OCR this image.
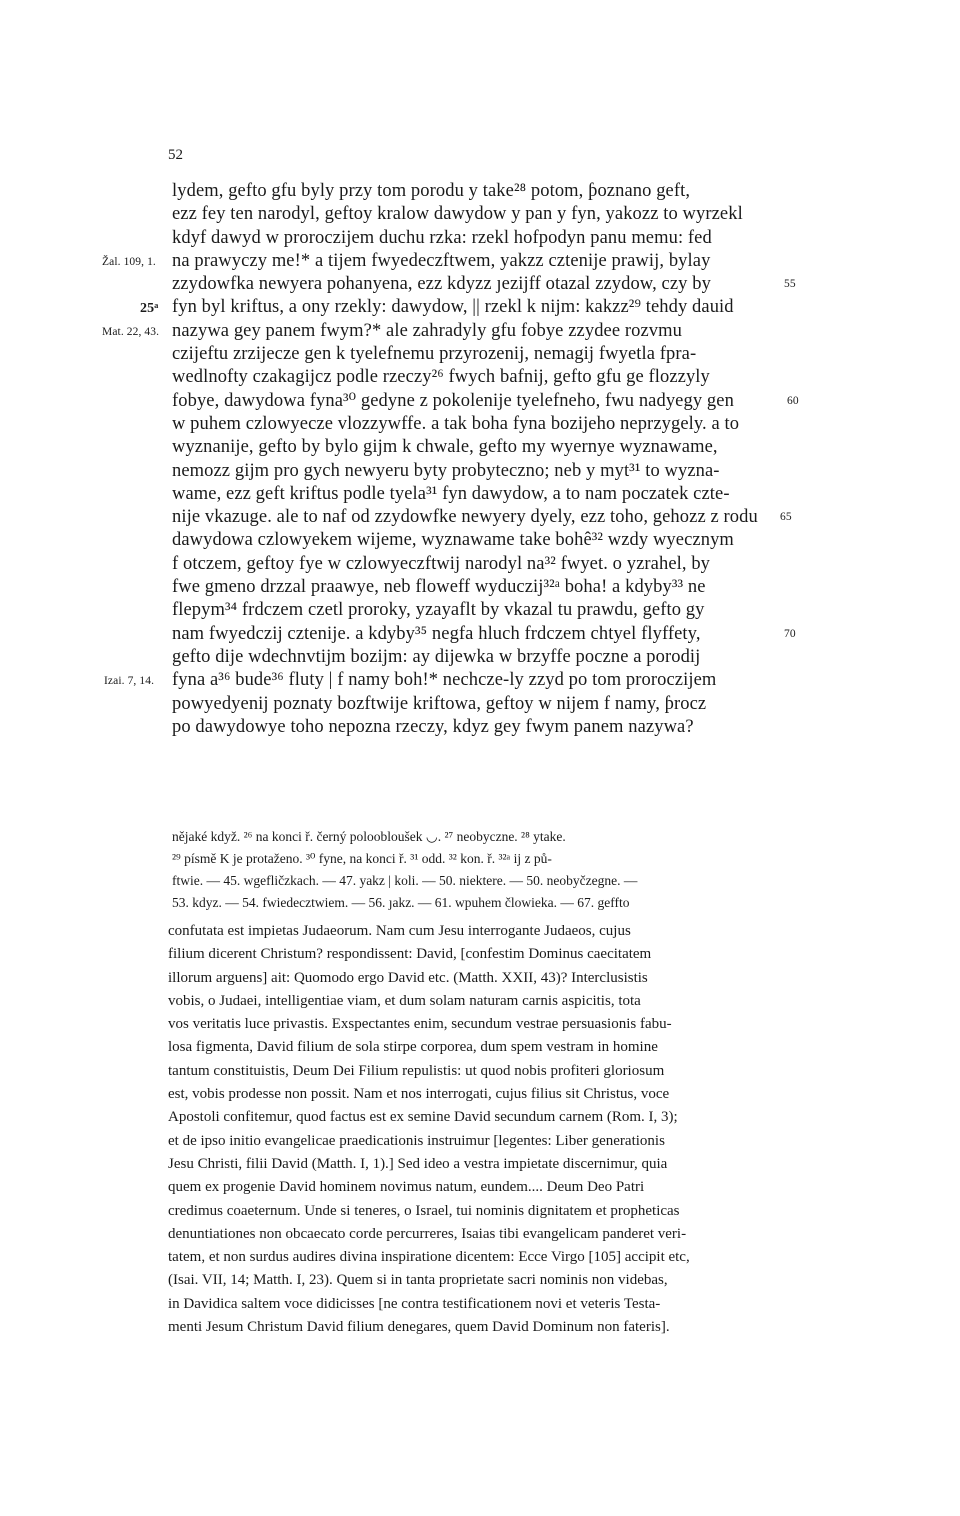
52
lydem, gefto gfu byly przy tom porodu y take²⁸ potom, ƥoznano geft,
ezz fey ten narodyl, geftoy kralow dawydow y pan y fyn, yakozz to wyrzekl
kdyf dawyd w proroczijem duchu rzka: rzekl hofpodyn panu memu: fed
Žal. 109, 1. na prawyczy me!* a tijem fwyedeczftwem, yakzz cztenije prawij, bylay
zzydowfka newyera pohanyena, ezz kdyzz ȷezijff otazal zzydow, czy by	55
25ᵃ fyn byl kriftus, a ony rzekly: dawydow, || rzekl k nijm: kakzz²⁹ tehdy dauid
Mat. 22, 43. nazywa gey panem fwym?* ale zahradyly gfu fobye zzydee rozvmu
czijeftu zrzijecze gen k tyelefnemu przyrozenij, nemagij fwyetla fpra-
wedlnofty czakagijcz podle rzeczy²⁶ fwych bafnij, gefto gfu ge flozzyly
fobye, dawydowa fyna³⁰ gedyne z pokolenije tyelefneho, fwu nadyegy gen	60
w puhem czlowyecze vlozzywffe. a tak boha fyna bozijeho neprzygely. a to
wyznanije, gefto by bylo gijm k chwale, gefto my wyernye wyznawame,
nemozz gijm pro gych newyeru byty probyteczno; neb y myt³¹ to wyzna-
wame, ezz geft kriftus podle tyela³¹ fyn dawydow, a to nam poczatek czte-
nije vkazuge. ale to naf od zzydowfke newyery dyely, ezz toho, gehozz z rodu 65
dawydowa czlowyekem wijeme, wyznawame take bohê³² wzdy wyecznym
f otczem, geftoy fye w czlowyeczftwij narodyl na³² fwyet. o yzrahel, by
fwe gmeno drzzal praawye, neb floweff wyduczij³²ᵃ boha! a kdyby³³ ne
flepym³⁴ frdczem czetl proroky, yzayaflt by vkazal tu prawdu, gefto gy
nam fwyedczij cztenije. a kdyby³⁵ negfa hluch frdczem chtyel flyffety,	70
gefto dije wdechnvtijm bozijm: ay dijewka w brzyffe poczne a porodij
Izai. 7, 14. fyna a³⁶ bude³⁶ fluty | f namy boh!* nechcze-ly zzyd po tom proroczijem
powyedyenij poznaty bozftwije kriftowa, geftoy w nijem f namy, ƥrocz
po dawydowye toho nepozna rzeczy, kdyz gey fwym panem nazywa?
nějaké když. ²⁶ na konci ř. černý poloobloušek ◡. ²⁷ neobyczne. ²⁸ ytake.
²⁹ písmě K je protaženo. ³⁰ fyne, na konci ř. ³¹ odd. ³² kon. ř. ³²ᵃ ij z pů-
ftwie. — 45. wgefličzkach. — 47. yakz | koli. — 50. niektere. — 50. neobyčzegne. —
53. kdyz. — 54. fwiedecztwiem. — 56. ȷakz. — 61. wpuhem člowieka. — 67. geffto
confutata est impietas Judaeorum. Nam cum Jesu interrogante Judaeos, cujus
filium dicerent Christum? respondissent: David, [confestim Dominus caecitatem
illorum arguens] ait: Quomodo ergo David etc. (Matth. XXII, 43)? Interclusistis
vobis, o Judaei, intelligentiae viam, et dum solam naturam carnis aspicitis, tota
vos veritatis luce privastis. Exspectantes enim, secundum vestrae persuasionis fabu-
losa figmenta, David filium de sola stirpe corporea, dum spem vestram in homine
tantum constituistis, Deum Dei Filium repulistis: ut quod nobis profiteri gloriosum
est, vobis prodesse non possit. Nam et nos interrogati, cujus filius sit Christus, voce
Apostoli confitemur, quod factus est ex semine David secundum carnem (Rom. I, 3);
et de ipso initio evangelicae praedicationis instruimur [legentes: Liber generationis
Jesu Christi, filii David (Matth. I, 1).] Sed ideo a vestra impietate discernimur, quia
quem ex progenie David hominem novimus natum, eundem.... Deum Deo Patri
credimus coaeternum. Unde si teneres, o Israel, tui nominis dignitatem et propheticas
denuntiationes non obcaecato corde percurreres, Isaias tibi evangelicam panderet veri-
tatem, et non surdus audires divina inspiratione dicentem: Ecce Virgo [105] accipit etc,
(Isai. VII, 14; Matth. I, 23). Quem si in tanta proprietate sacri nominis non videbas,
in Davidica saltem voce didicisses [ne contra testificationem novi et veteris Testa-
menti Jesum Christum David filium denegares, quem David Dominum non fateris].
